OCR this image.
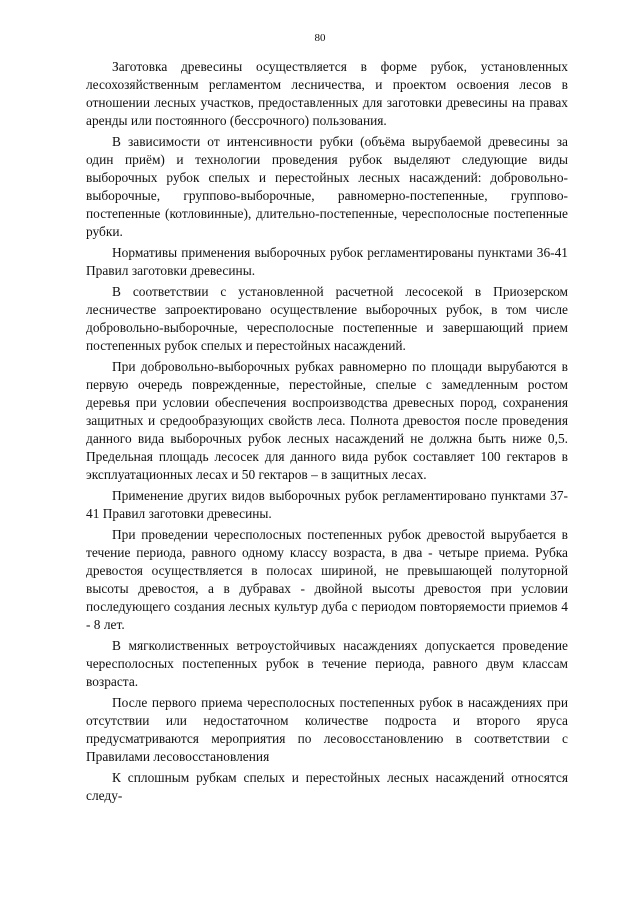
80

Заготовка древесины осуществляется в форме рубок, установленных лесохозяйственным регламентом лесничества, и проектом освоения лесов в отношении лесных участков, предоставленных для заготовки древесины на правах аренды или постоянного (бессрочного) пользования.

В зависимости от интенсивности рубки (объёма вырубаемой древесины за один приём) и технологии проведения рубок выделяют следующие виды выборочных рубок спелых и перестойных лесных насаждений: добровольно-выборочные, группово-выборочные, равномерно-постепенные, группово-постепенные (котловинные), длительно-постепенные, чересполосные постепенные рубки.

Нормативы применения выборочных рубок регламентированы пунктами 36-41 Правил заготовки древесины.

В соответствии с установленной расчетной лесосекой в Приозерском лесничестве запроектировано осуществление выборочных рубок, в том числе добровольно-выборочные, чересполосные постепенные и завершающий прием постепенных рубок спелых и перестойных насаждений.

При добровольно-выборочных рубках равномерно по площади вырубаются в первую очередь поврежденные, перестойные, спелые с замедленным ростом деревья при условии обеспечения воспроизводства древесных пород, сохранения защитных и средообразующих свойств леса. Полнота древостоя после проведения данного вида выборочных рубок лесных насаждений не должна быть ниже 0,5. Предельная площадь лесосек для данного вида рубок составляет 100 гектаров в эксплуатационных лесах и 50 гектаров – в защитных лесах.

Применение других видов выборочных рубок регламентировано пунктами 37-41 Правил заготовки древесины.

При проведении чересполосных постепенных рубок древостой вырубается в течение периода, равного одному классу возраста, в два - четыре приема. Рубка древостоя осуществляется в полосах шириной, не превышающей полуторной высоты древостоя, а в дубравах - двойной высоты древостоя при условии последующего создания лесных культур дуба с периодом повторяемости приемов 4 - 8 лет.

В мягколиственных ветроустойчивых насаждениях допускается проведение чересполосных постепенных рубок в течение периода, равного двум классам возраста.

После первого приема чересполосных постепенных рубок в насаждениях при отсутствии или недостаточном количестве подроста и второго яруса предусматриваются мероприятия по лесовосстановлению в соответствии с Правилами лесовосстановления

К сплошным рубкам спелых и перестойных лесных насаждений относятся следу-
